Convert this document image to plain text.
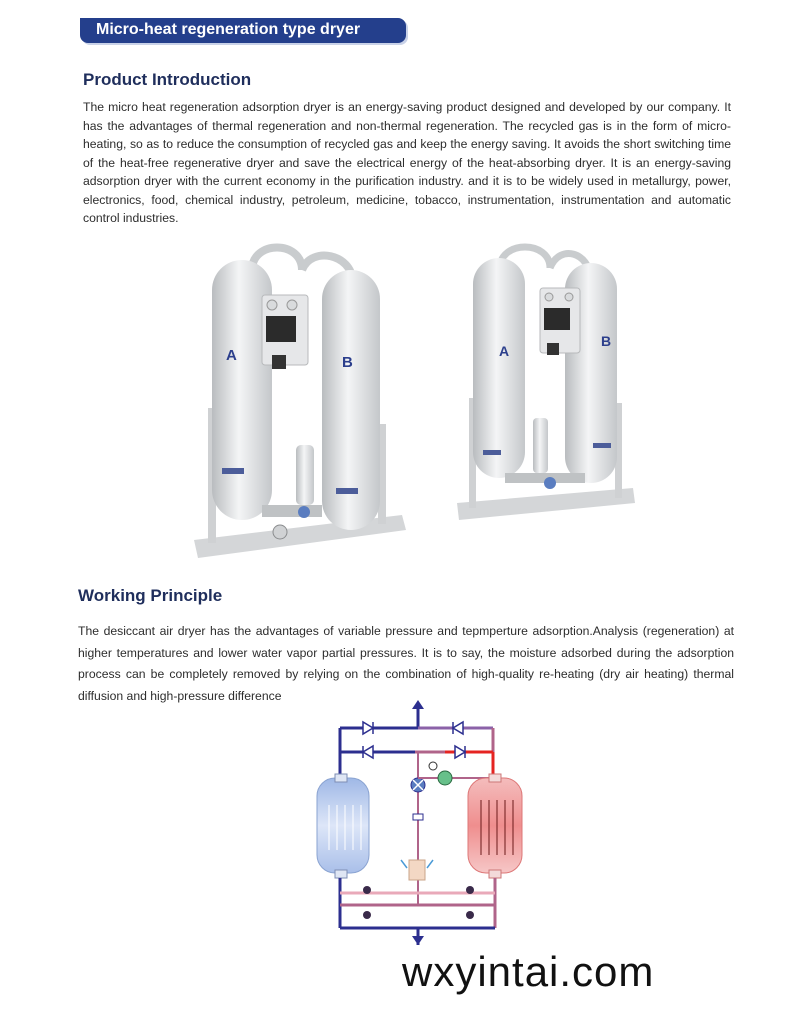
Micro-heat regeneration type dryer
Product Introduction

The micro heat regeneration adsorption dryer is an energy-saving product designed and developed by our company. It has the advantages of thermal regeneration and non-thermal regeneration. The recycled gas is in the form of micro-heating, so as to reduce the consumption of recycled gas and keep the energy saving. It avoids the short switching time of the heat-free regenerative dryer and save the electrical energy of the heat-absorbing dryer. It is an energy-saving adsorption dryer with the current economy in the purification industry. and it is to be widely used in metallurgy, power, electronics, food, chemical industry, petroleum, medicine, tobacco, instrumentation, instrumentation and automatic control industries.

A	B
A
B
Working Principle

The desiccant air dryer has the advantages of variable pressure and tepmperture adsorption.Analysis (regeneration) at higher temperatures and lower water vapor partial pressures. It is to say, the moisture adsorbed during the adsorption process can be completely removed by relying on the combination of high-quality re-heating (dry air heating) thermal diffusion and high-pressure difference

wxyintai.com
